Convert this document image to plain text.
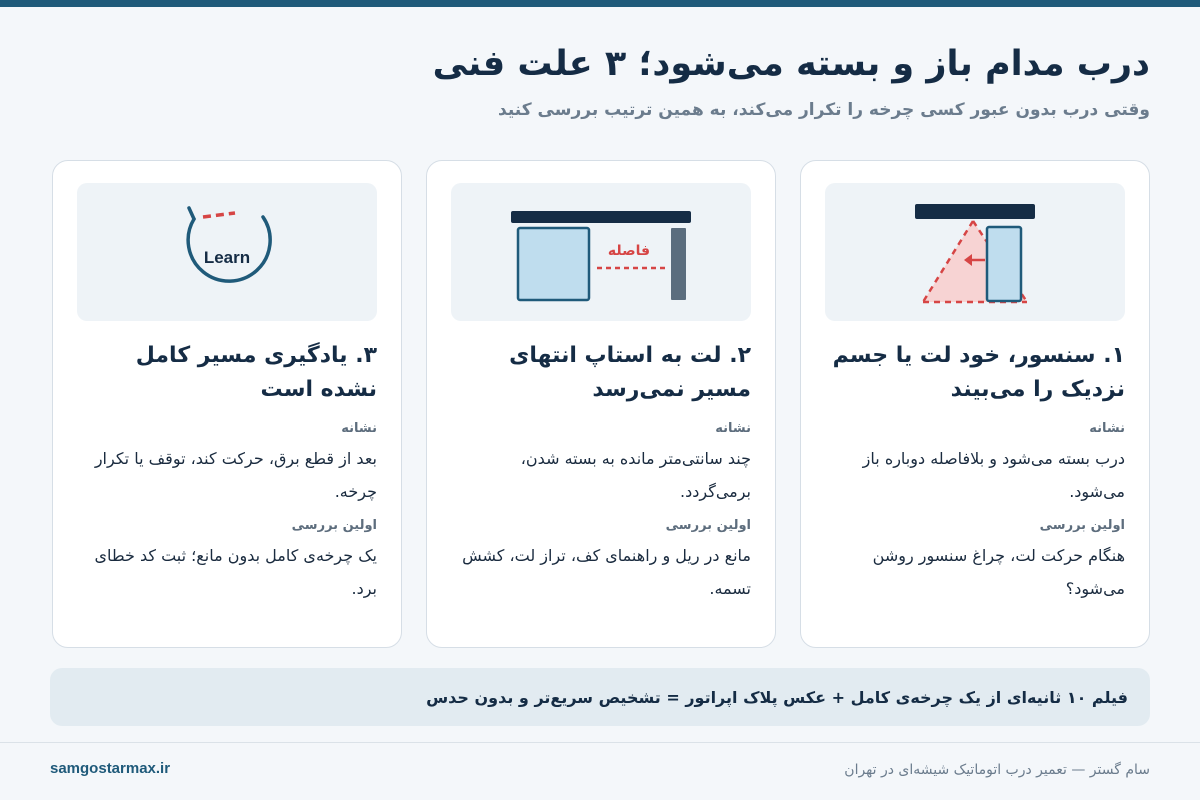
درب مدام باز و بسته می‌شود؛ ۳ علت فنی
وقتی درب بدون عبور کسی چرخه را تکرار می‌کند، به همین ترتیب بررسی کنید
۱. سنسور، خود لت یا جسم نزدیک را می‌بیند
نشانه
درب بسته می‌شود و بلافاصله دوباره باز می‌شود.
اولین بررسی
هنگام حرکت لت، چراغ سنسور روشن می‌شود؟
فاصله
۲. لت به استاپ انتهای مسیر نمی‌رسد
نشانه
چند سانتی‌متر مانده به بسته شدن، برمی‌گردد.
اولین بررسی
مانع در ریل و راهنمای کف، تراز لت، کشش تسمه.
Learn
۳. یادگیری مسیر کامل نشده است
نشانه
بعد از قطع برق، حرکت کند، توقف یا تکرار چرخه.
اولین بررسی
یک چرخه‌ی کامل بدون مانع؛ ثبت کد خطای برد.
فیلم ۱۰ ثانیه‌ای از یک چرخه‌ی کامل + عکس پلاک اپراتور = تشخیص سریع‌تر و بدون حدس
سام گستر — تعمیر درب اتوماتیک شیشه‌ای در تهران
samgostarmax.ir
